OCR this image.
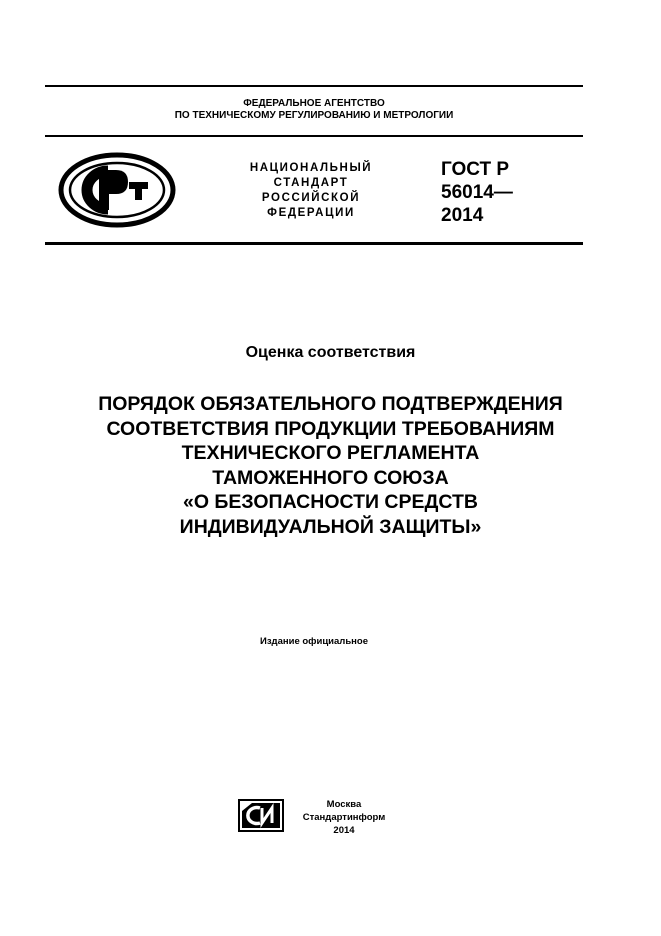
ФЕДЕРАЛЬНОЕ АГЕНТСТВО
ПО ТЕХНИЧЕСКОМУ РЕГУЛИРОВАНИЮ И МЕТРОЛОГИИ
НАЦИОНАЛЬНЫЙ
СТАНДАРТ
РОССИЙСКОЙ
ФЕДЕРАЦИИ
ГОСТ Р
56014—
2014
Оценка соответствия
ПОРЯДОК ОБЯЗАТЕЛЬНОГО ПОДТВЕРЖДЕНИЯ
СООТВЕТСТВИЯ ПРОДУКЦИИ ТРЕБОВАНИЯМ
ТЕХНИЧЕСКОГО РЕГЛАМЕНТА
ТАМОЖЕННОГО СОЮЗА
«О БЕЗОПАСНОСТИ СРЕДСТВ
ИНДИВИДУАЛЬНОЙ ЗАЩИТЫ»
Издание официальное
Москва
Стандартинформ
2014
